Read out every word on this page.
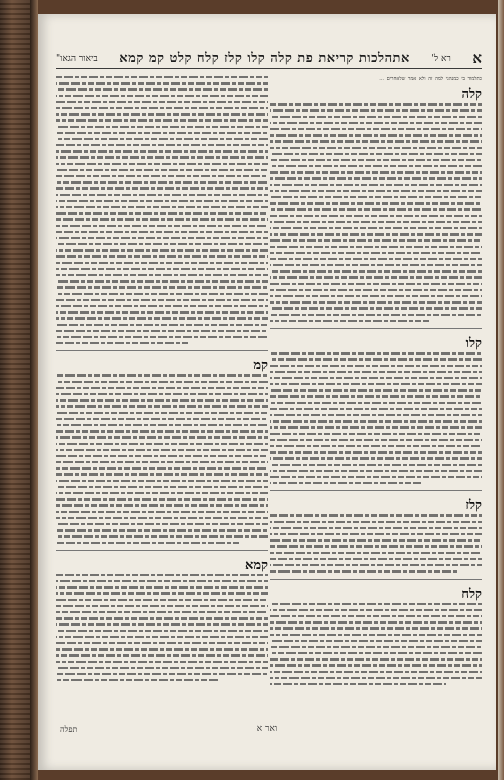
א
רא ל'
אתהלכות קריאת פת קלה קלו קלז קלח קלט קמ קמא
ביאור הגאו"

כתלמוד בי כמנהגי למה זה ולא אמר שלאחרים ...

קלה
קלו
קלז
קלח
קמ
קמא
תפלה	ואר א
